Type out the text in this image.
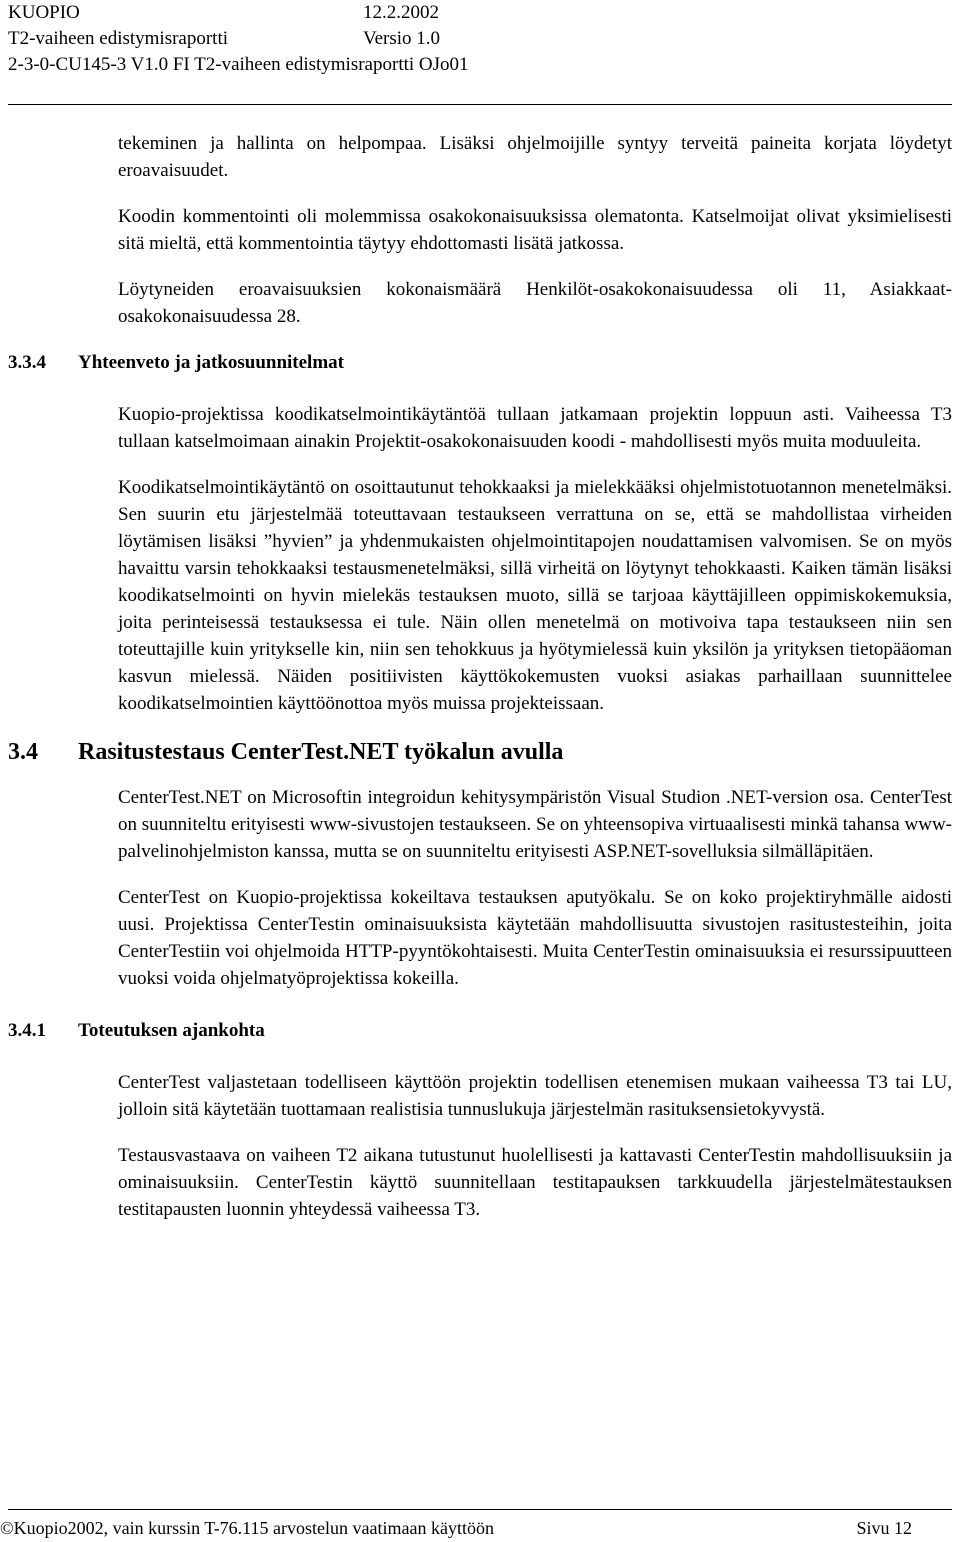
KUOPIO	12.2.2002
T2-vaiheen edistymisraportti	Versio 1.0
2-3-0-CU145-3 V1.0 FI T2-vaiheen edistymisraportti OJo01

tekeminen ja hallinta on helpompaa. Lisäksi ohjelmoijille syntyy terveitä paineita korjata löydetyt eroavaisuudet.

Koodin kommentointi oli molemmissa osakokonaisuuksissa olematonta. Katselmoijat olivat yksimielisesti sitä mieltä, että kommentointia täytyy ehdottomasti lisätä jatkossa.

Löytyneiden eroavaisuuksien kokonaismäärä Henkilöt-osakokonaisuudessa oli 11, Asiakkaat-osakokonaisuudessa 28.

3.3.4 Yhteenveto ja jatkosuunnitelmat

Kuopio-projektissa koodikatselmointikäytäntöä tullaan jatkamaan projektin loppuun asti. Vaiheessa T3 tullaan katselmoimaan ainakin Projektit-osakokonaisuuden koodi - mahdollisesti myös muita moduuleita.

Koodikatselmointikäytäntö on osoittautunut tehokkaaksi ja mielekkääksi ohjelmistotuotannon menetelmäksi. Sen suurin etu järjestelmää toteuttavaan testaukseen verrattuna on se, että se mahdollistaa virheiden löytämisen lisäksi ”hyvien” ja yhdenmukaisten ohjelmointitapojen noudattamisen valvomisen. Se on myös havaittu varsin tehokkaaksi testausmenetelmäksi, sillä virheitä on löytynyt tehokkaasti. Kaiken tämän lisäksi koodikatselmointi on hyvin mielekäs testauksen muoto, sillä se tarjoaa käyttäjilleen oppimiskokemuksia, joita perinteisessä testauksessa ei tule. Näin ollen menetelmä on motivoiva tapa testaukseen niin sen toteuttajille kuin yritykselle kin, niin sen tehokkuus ja hyötymielessä kuin yksilön ja yrityksen tietopääoman kasvun mielessä. Näiden positiivisten käyttökokemusten vuoksi asiakas parhaillaan suunnittelee koodikatselmointien käyttöönottoa myös muissa projekteissaan.

3.4 Rasitustestaus CenterTest.NET työkalun avulla

CenterTest.NET on Microsoftin integroidun kehitysympäristön Visual Studion .NET-version osa. CenterTest on suunniteltu erityisesti www-sivustojen testaukseen. Se on yhteensopiva virtuaalisesti minkä tahansa www-palvelinohjelmiston kanssa, mutta se on suunniteltu erityisesti ASP.NET-sovelluksia silmälläpitäen.

CenterTest on Kuopio-projektissa kokeiltava testauksen aputyökalu. Se on koko projektiryhmälle aidosti uusi. Projektissa CenterTestin ominaisuuksista käytetään mahdollisuutta sivustojen rasitustesteihin, joita CenterTestiin voi ohjelmoida HTTP-pyyntökohtaisesti. Muita CenterTestin ominaisuuksia ei resurssipuutteen vuoksi voida ohjelmatyöprojektissa kokeilla.

3.4.1 Toteutuksen ajankohta

CenterTest valjastetaan todelliseen käyttöön projektin todellisen etenemisen mukaan vaiheessa T3 tai LU, jolloin sitä käytetään tuottamaan realistisia tunnuslukuja järjestelmän rasituksensietokyvystä.

Testausvastaava on vaiheen T2 aikana tutustunut huolellisesti ja kattavasti CenterTestin mahdollisuuksiin ja ominaisuuksiin. CenterTestin käyttö suunnitellaan testitapauksen tarkkuudella järjestelmätestauksen testitapausten luonnin yhteydessä vaiheessa T3.

©Kuopio2002, vain kurssin T-76.115 arvostelun vaatimaan käyttöön	Sivu 12
